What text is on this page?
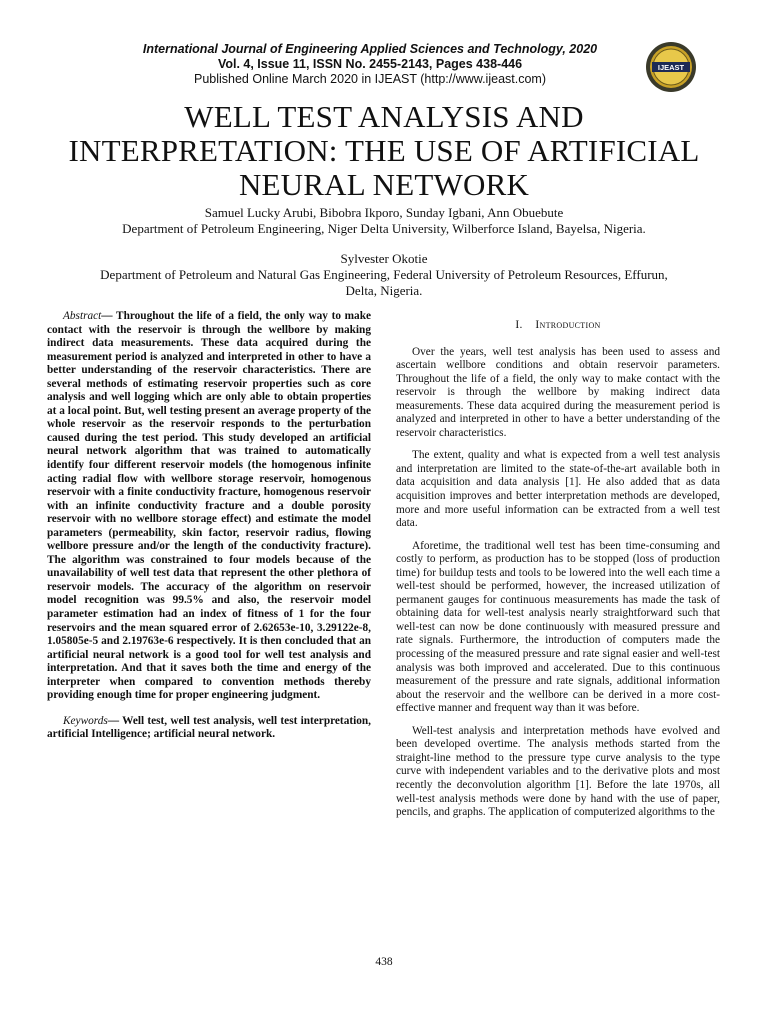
International Journal of Engineering Applied Sciences and Technology, 2020
Vol. 4, Issue 11, ISSN No. 2455-2143, Pages 438-446
Published Online March 2020 in IJEAST (http://www.ijeast.com)
IJEAST
WELL TEST ANALYSIS AND
INTERPRETATION: THE USE OF ARTIFICIAL
NEURAL NETWORK
Samuel Lucky Arubi, Bibobra Ikporo, Sunday Igbani, Ann Obuebute
Department of Petroleum Engineering, Niger Delta University, Wilberforce Island, Bayelsa, Nigeria.
Sylvester Okotie
Department of Petroleum and Natural Gas Engineering, Federal University of Petroleum Resources, Effurun,
Delta, Nigeria.

Abstract— Throughout the life of a field, the only way to make contact with the reservoir is through the wellbore by making indirect data measurements. These data acquired during the measurement period is analyzed and interpreted in other to have a better understanding of the reservoir characteristics. There are several methods of estimating reservoir properties such as core analysis and well logging which are only able to obtain properties at a local point. But, well testing present an average property of the whole reservoir as the reservoir responds to the perturbation caused during the test period. This study developed an artificial neural network algorithm that was trained to automatically identify four different reservoir models (the homogenous infinite acting radial flow with wellbore storage reservoir, homogenous reservoir with a finite conductivity fracture, homogenous reservoir with an infinite conductivity fracture and a double porosity reservoir with no wellbore storage effect) and estimate the model parameters (permeability, skin factor, reservoir radius, flowing wellbore pressure and/or the length of the conductivity fracture). The algorithm was constrained to four models because of the unavailability of well test data that represent the other plethora of reservoir models. The accuracy of the algorithm on reservoir model recognition was 99.5% and also, the reservoir model parameter estimation had an index of fitness of 1 for the four reservoirs and the mean squared error of 2.62653e-10, 3.29122e-8, 1.05805e-5 and 2.19763e-6 respectively. It is then concluded that an artificial neural network is a good tool for well test analysis and interpretation. And that it saves both the time and energy of the interpreter when compared to convention methods thereby providing enough time for proper engineering judgment.

Keywords— Well test, well test analysis, well test interpretation, artificial Intelligence; artificial neural network.

I. Introduction

Over the years, well test analysis has been used to assess and ascertain wellbore conditions and obtain reservoir parameters. Throughout the life of a field, the only way to make contact with the reservoir is through the wellbore by making indirect data measurements. These data acquired during the measurement period is analyzed and interpreted in other to have a better understanding of the reservoir characteristics.

The extent, quality and what is expected from a well test analysis and interpretation are limited to the state-of-the-art available both in data acquisition and data analysis [1]. He also added that as data acquisition improves and better interpretation methods are developed, more and more useful information can be extracted from a well test data.

Aforetime, the traditional well test has been time-consuming and costly to perform, as production has to be stopped (loss of production time) for buildup tests and tools to be lowered into the well each time a well-test should be performed, however, the increased utilization of permanent gauges for continuous measurements has made the task of obtaining data for well-test analysis nearly straightforward such that well-test can now be done continuously with measured pressure and rate signals. Furthermore, the introduction of computers made the processing of the measured pressure and rate signal easier and well-test analysis was both improved and accelerated. Due to this continuous measurement of the pressure and rate signals, additional information about the reservoir and the wellbore can be derived in a more cost-effective manner and frequent way than it was before.

Well-test analysis and interpretation methods have evolved and been developed overtime. The analysis methods started from the straight-line method to the pressure type curve analysis to the type curve with independent variables and to the derivative plots and most recently the deconvolution algorithm [1]. Before the late 1970s, all well-test analysis methods were done by hand with the use of paper, pencils, and graphs. The application of computerized algorithms to the

438
